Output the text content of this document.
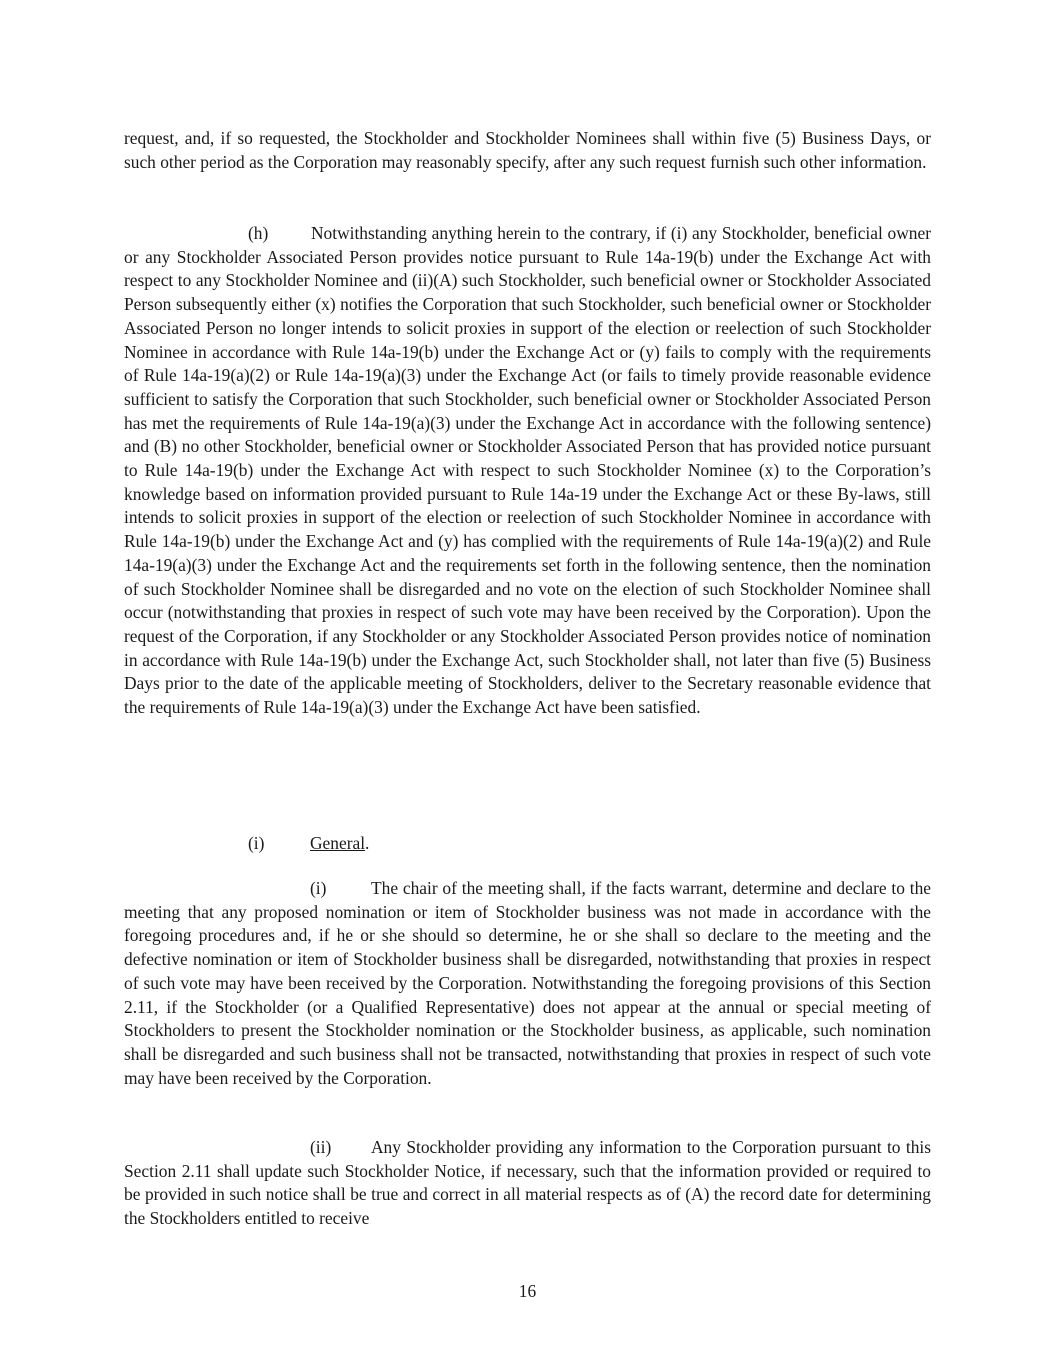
request, and, if so requested, the Stockholder and Stockholder Nominees shall within five (5) Business Days, or such other period as the Corporation may reasonably specify, after any such request furnish such other information.

(h) Notwithstanding anything herein to the contrary, if (i) any Stockholder, beneficial owner or any Stockholder Associated Person provides notice pursuant to Rule 14a-19(b) under the Exchange Act with respect to any Stockholder Nominee and (ii)(A) such Stockholder, such beneficial owner or Stockholder Associated Person subsequently either (x) notifies the Corporation that such Stockholder, such beneficial owner or Stockholder Associated Person no longer intends to solicit proxies in support of the election or reelection of such Stockholder Nominee in accordance with Rule 14a-19(b) under the Exchange Act or (y) fails to comply with the requirements of Rule 14a-19(a)(2) or Rule 14a-19(a)(3) under the Exchange Act (or fails to timely provide reasonable evidence sufficient to satisfy the Corporation that such Stockholder, such beneficial owner or Stockholder Associated Person has met the requirements of Rule 14a-19(a)(3) under the Exchange Act in accordance with the following sentence) and (B) no other Stockholder, beneficial owner or Stockholder Associated Person that has provided notice pursuant to Rule 14a-19(b) under the Exchange Act with respect to such Stockholder Nominee (x) to the Corporation’s knowledge based on information provided pursuant to Rule 14a-19 under the Exchange Act or these By-laws, still intends to solicit proxies in support of the election or reelection of such Stockholder Nominee in accordance with Rule 14a-19(b) under the Exchange Act and (y) has complied with the requirements of Rule 14a-19(a)(2) and Rule 14a-19(a)(3) under the Exchange Act and the requirements set forth in the following sentence, then the nomination of such Stockholder Nominee shall be disregarded and no vote on the election of such Stockholder Nominee shall occur (notwithstanding that proxies in respect of such vote may have been received by the Corporation). Upon the request of the Corporation, if any Stockholder or any Stockholder Associated Person provides notice of nomination in accordance with Rule 14a-19(b) under the Exchange Act, such Stockholder shall, not later than five (5) Business Days prior to the date of the applicable meeting of Stockholders, deliver to the Secretary reasonable evidence that the requirements of Rule 14a-19(a)(3) under the Exchange Act have been satisfied.

(i)	General.

(i)	The chair of the meeting shall, if the facts warrant, determine and declare to the meeting that any proposed nomination or item of Stockholder business was not made in accordance with the foregoing procedures and, if he or she should so determine, he or she shall so declare to the meeting and the defective nomination or item of Stockholder business shall be disregarded, notwithstanding that proxies in respect of such vote may have been received by the Corporation. Notwithstanding the foregoing provisions of this Section 2.11, if the Stockholder (or a Qualified Representative) does not appear at the annual or special meeting of Stockholders to present the Stockholder nomination or the Stockholder business, as applicable, such nomination shall be disregarded and such business shall not be transacted, notwithstanding that proxies in respect of such vote may have been received by the Corporation.

(ii) Any Stockholder providing any information to the Corporation pursuant to this Section 2.11 shall update such Stockholder Notice, if necessary, such that the information provided or required to be provided in such notice shall be true and correct in all material respects as of (A) the record date for determining the Stockholders entitled to receive

16
